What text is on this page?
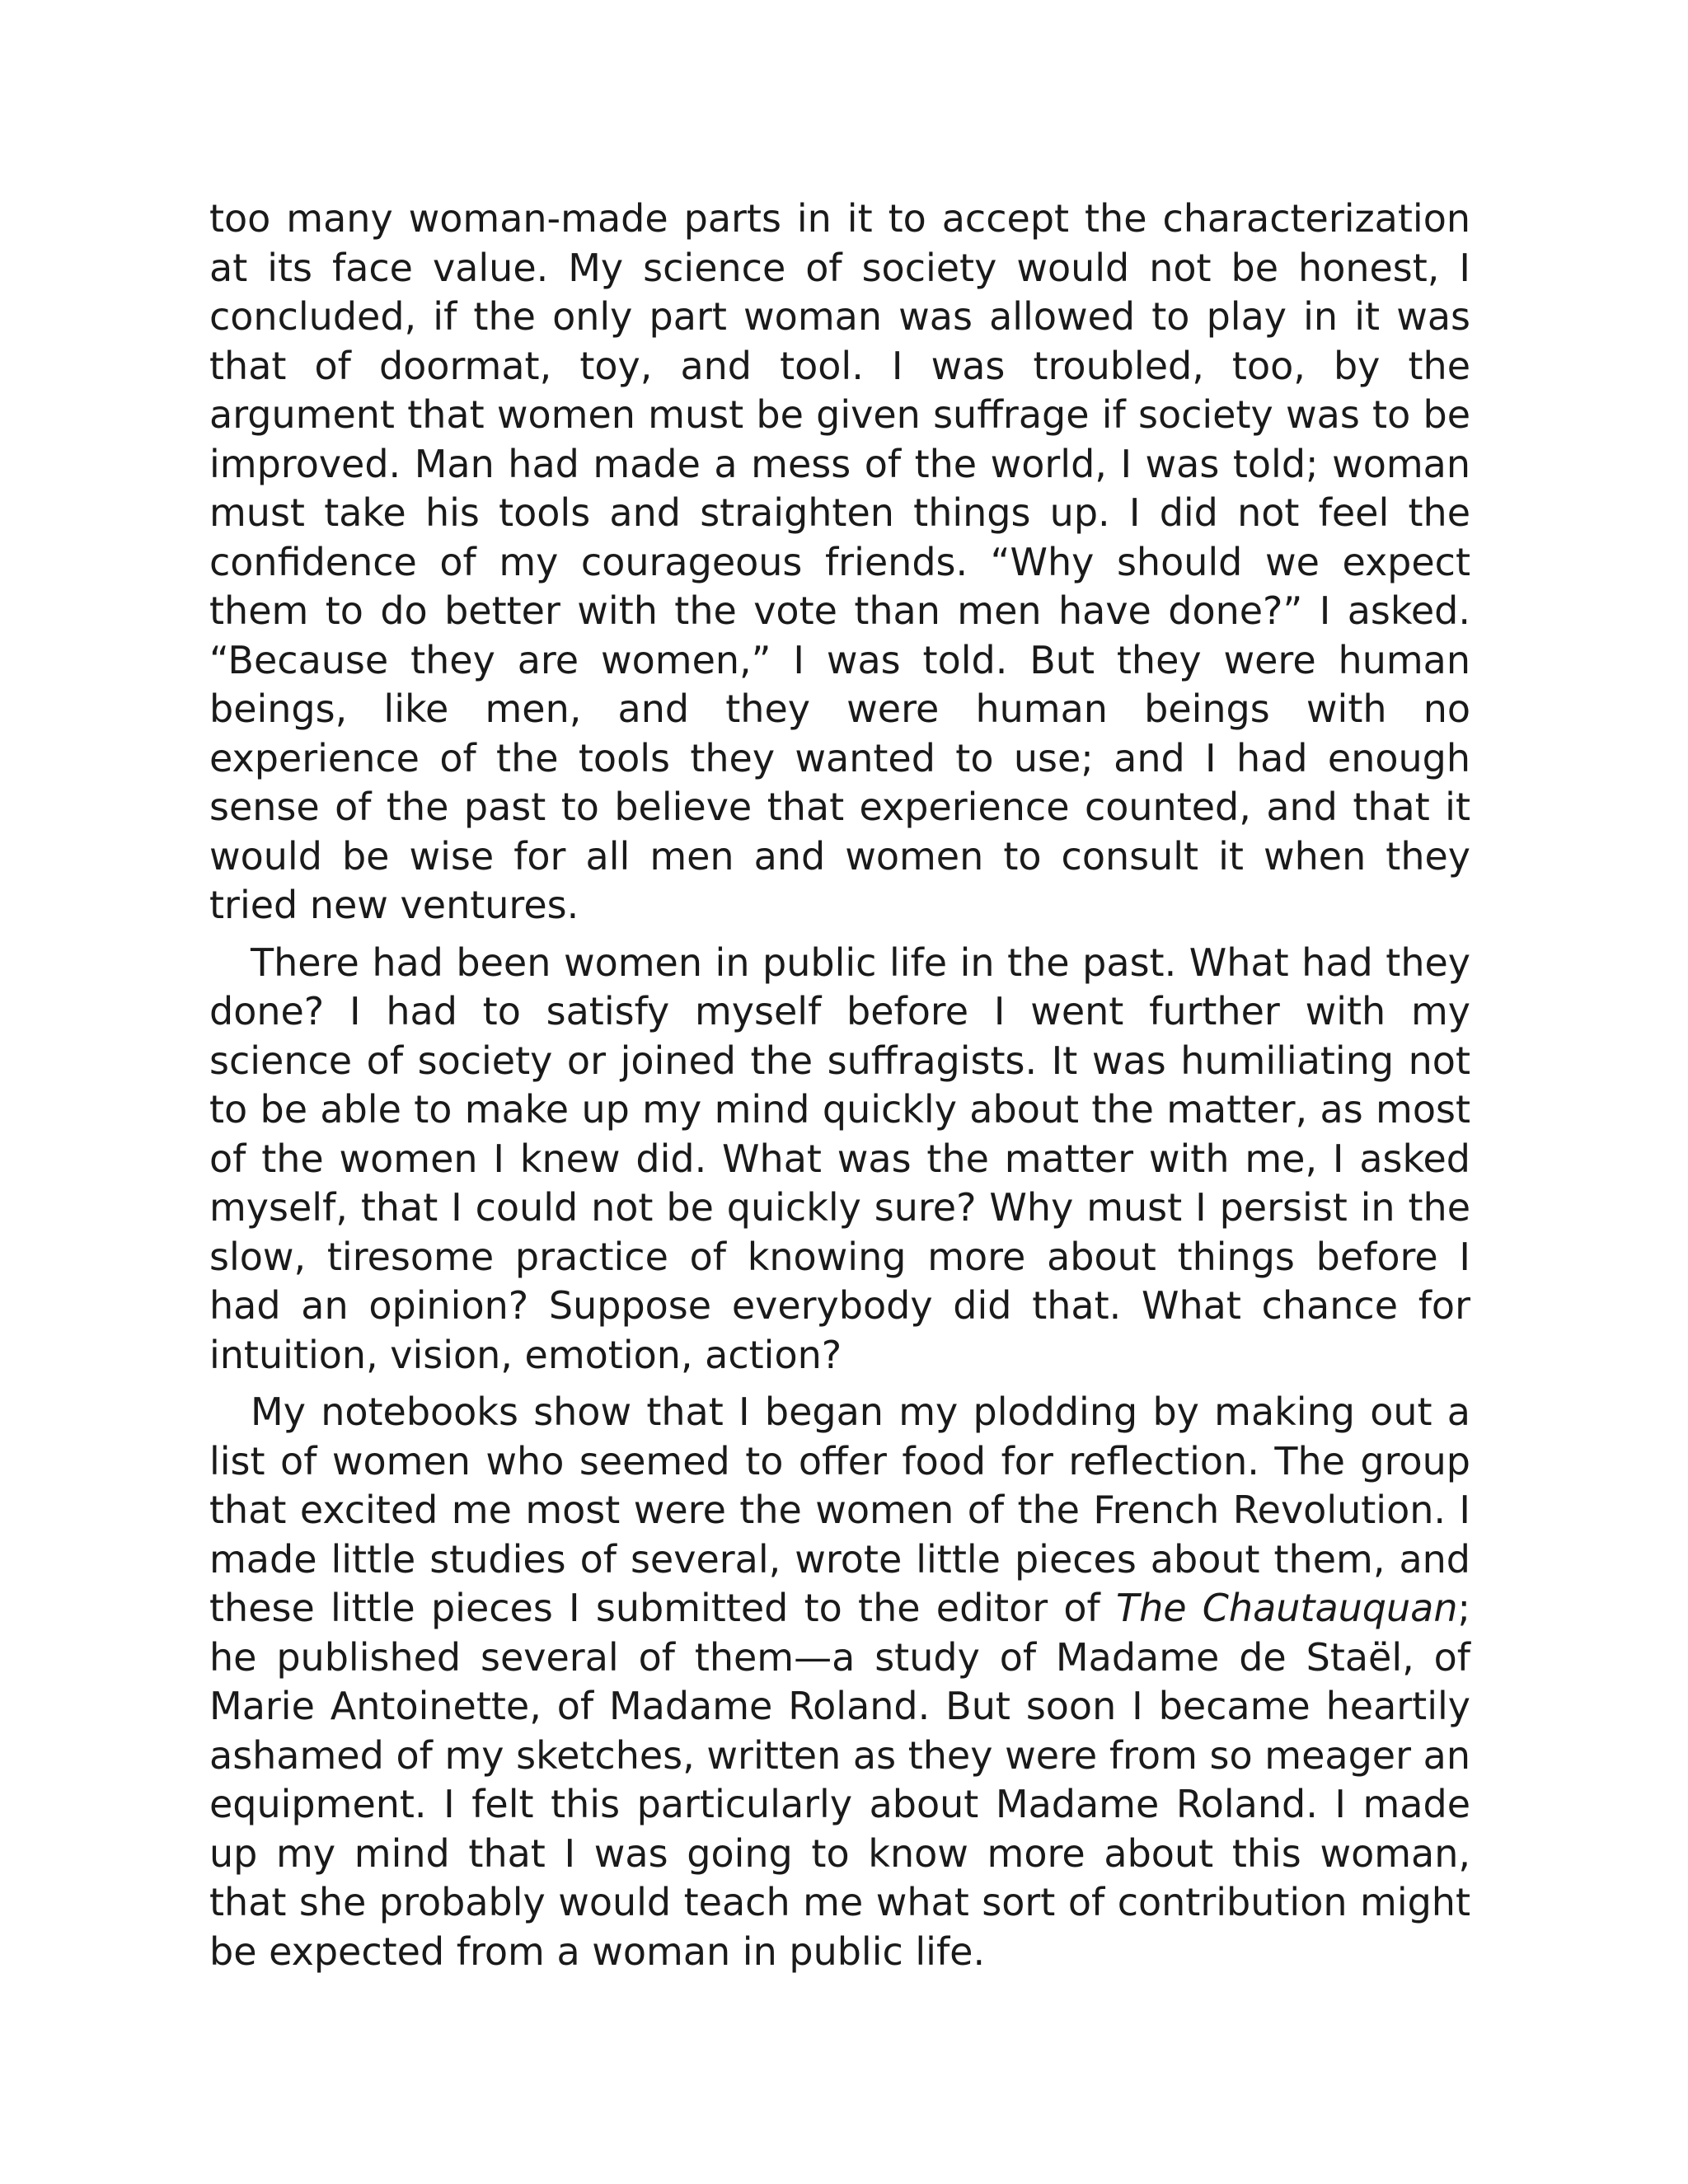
too many woman-made parts in it to accept the characterization at its face value. My science of society would not be honest, I concluded, if the only part woman was allowed to play in it was that of doormat, toy, and tool. I was troubled, too, by the argument that women must be given suffrage if society was to be improved. Man had made a mess of the world, I was told; woman must take his tools and straighten things up. I did not feel the confidence of my courageous friends. “Why should we expect them to do better with the vote than men have done?” I asked. “Because they are women,” I was told. But they were human beings, like men, and they were human beings with no experience of the tools they wanted to use; and I had enough sense of the past to believe that experience counted, and that it would be wise for all men and women to consult it when they tried new ventures.

There had been women in public life in the past. What had they done? I had to satisfy myself before I went further with my science of society or joined the suffragists. It was humiliating not to be able to make up my mind quickly about the matter, as most of the women I knew did. What was the matter with me, I asked myself, that I could not be quickly sure? Why must I persist in the slow, tiresome practice of knowing more about things before I had an opinion? Suppose everybody did that. What chance for intuition, vision, emotion, action?

My notebooks show that I began my plodding by making out a list of women who seemed to offer food for reflection. The group that excited me most were the women of the French Revolution. I made little studies of several, wrote little pieces about them, and these little pieces I submitted to the editor of The Chautauquan; he published several of them—a study of Madame de Staël, of Marie Antoinette, of Madame Roland. But soon I became heartily ashamed of my sketches, written as they were from so meager an equipment. I felt this particularly about Madame Roland. I made up my mind that I was going to know more about this woman, that she probably would teach me what sort of contribution might be expected from a woman in public life.
